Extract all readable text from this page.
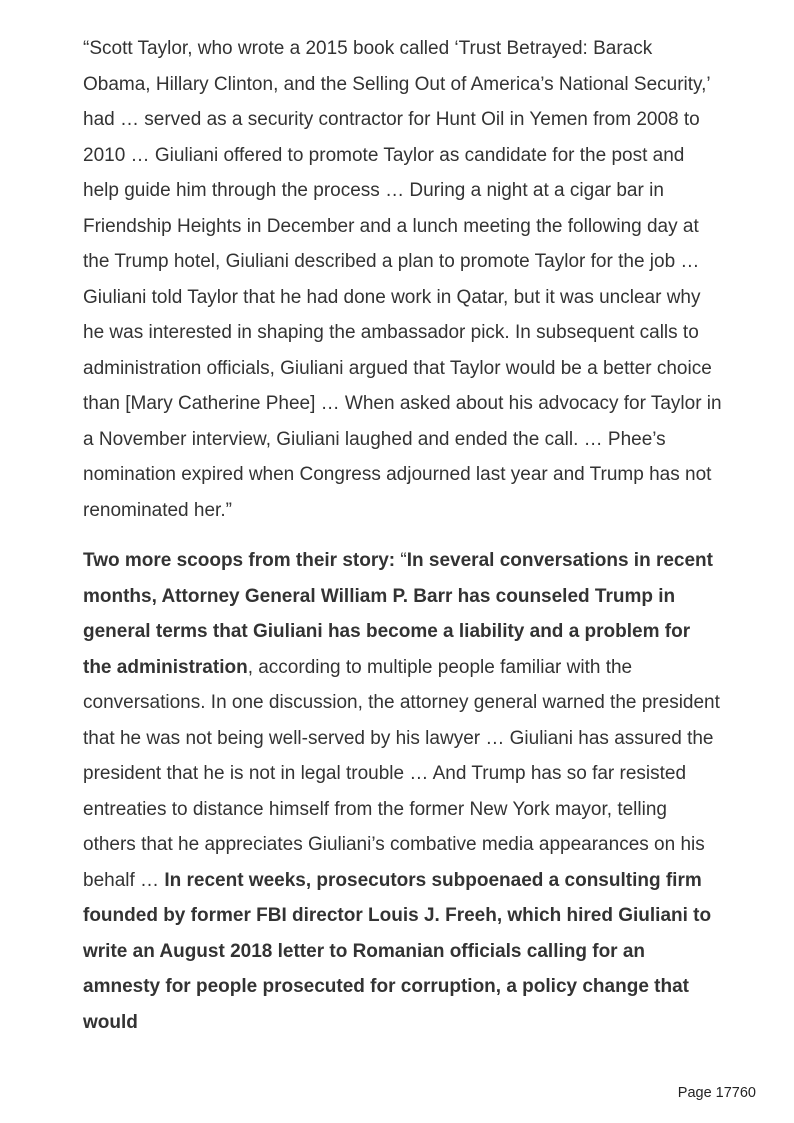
“Scott Taylor, who wrote a 2015 book called ‘Trust Betrayed: Barack Obama, Hillary Clinton, and the Selling Out of America’s National Security,’ had … served as a security contractor for Hunt Oil in Yemen from 2008 to 2010 … Giuliani offered to promote Taylor as candidate for the post and help guide him through the process … During a night at a cigar bar in Friendship Heights in December and a lunch meeting the following day at the Trump hotel, Giuliani described a plan to promote Taylor for the job … Giuliani told Taylor that he had done work in Qatar, but it was unclear why he was interested in shaping the ambassador pick. In subsequent calls to administration officials, Giuliani argued that Taylor would be a better choice than [Mary Catherine Phee] … When asked about his advocacy for Taylor in a November interview, Giuliani laughed and ended the call. … Phee’s nomination expired when Congress adjourned last year and Trump has not renominated her.”

Two more scoops from their story: “In several conversations in recent months, Attorney General William P. Barr has counseled Trump in general terms that Giuliani has become a liability and a problem for the administration, according to multiple people familiar with the conversations. In one discussion, the attorney general warned the president that he was not being well-served by his lawyer … Giuliani has assured the president that he is not in legal trouble … And Trump has so far resisted entreaties to distance himself from the former New York mayor, telling others that he appreciates Giuliani’s combative media appearances on his behalf … In recent weeks, prosecutors subpoenaed a consulting firm founded by former FBI director Louis J. Freeh, which hired Giuliani to write an August 2018 letter to Romanian officials calling for an amnesty for people prosecuted for corruption, a policy change that would

Page 17760
